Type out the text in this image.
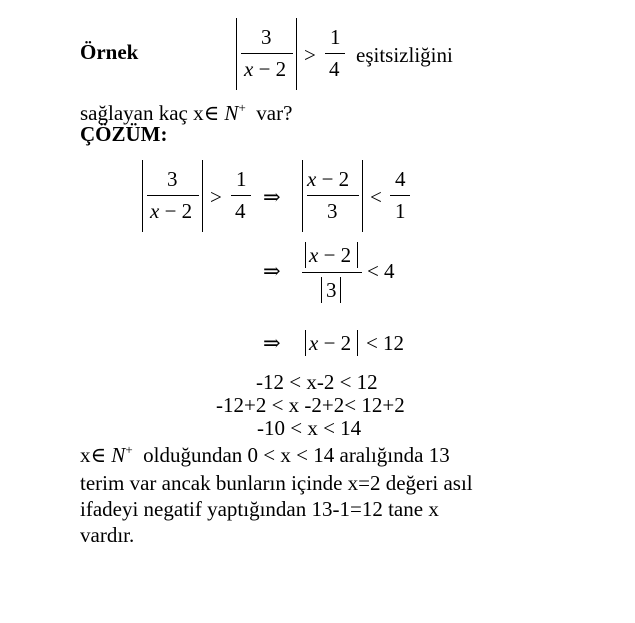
Örnek
3
x − 2
>
1
4
eşitsizliğini
sağlayan kaç x∈ N+ var?
ÇÖZÜM:
3
x − 2
>
1
4
⇒
x − 2
3
<
4
1
⇒
x − 2
3
< 4
⇒ x − 2 < 12
-12 < x-2 < 12
-12+2 < x -2+2< 12+2
-10 < x < 14
x∈ N+ olduğundan 0 < x < 14 aralığında 13
terim var ancak bunların içinde x=2 değeri asıl
ifadeyi negatif yaptığından 13-1=12 tane x
vardır.
